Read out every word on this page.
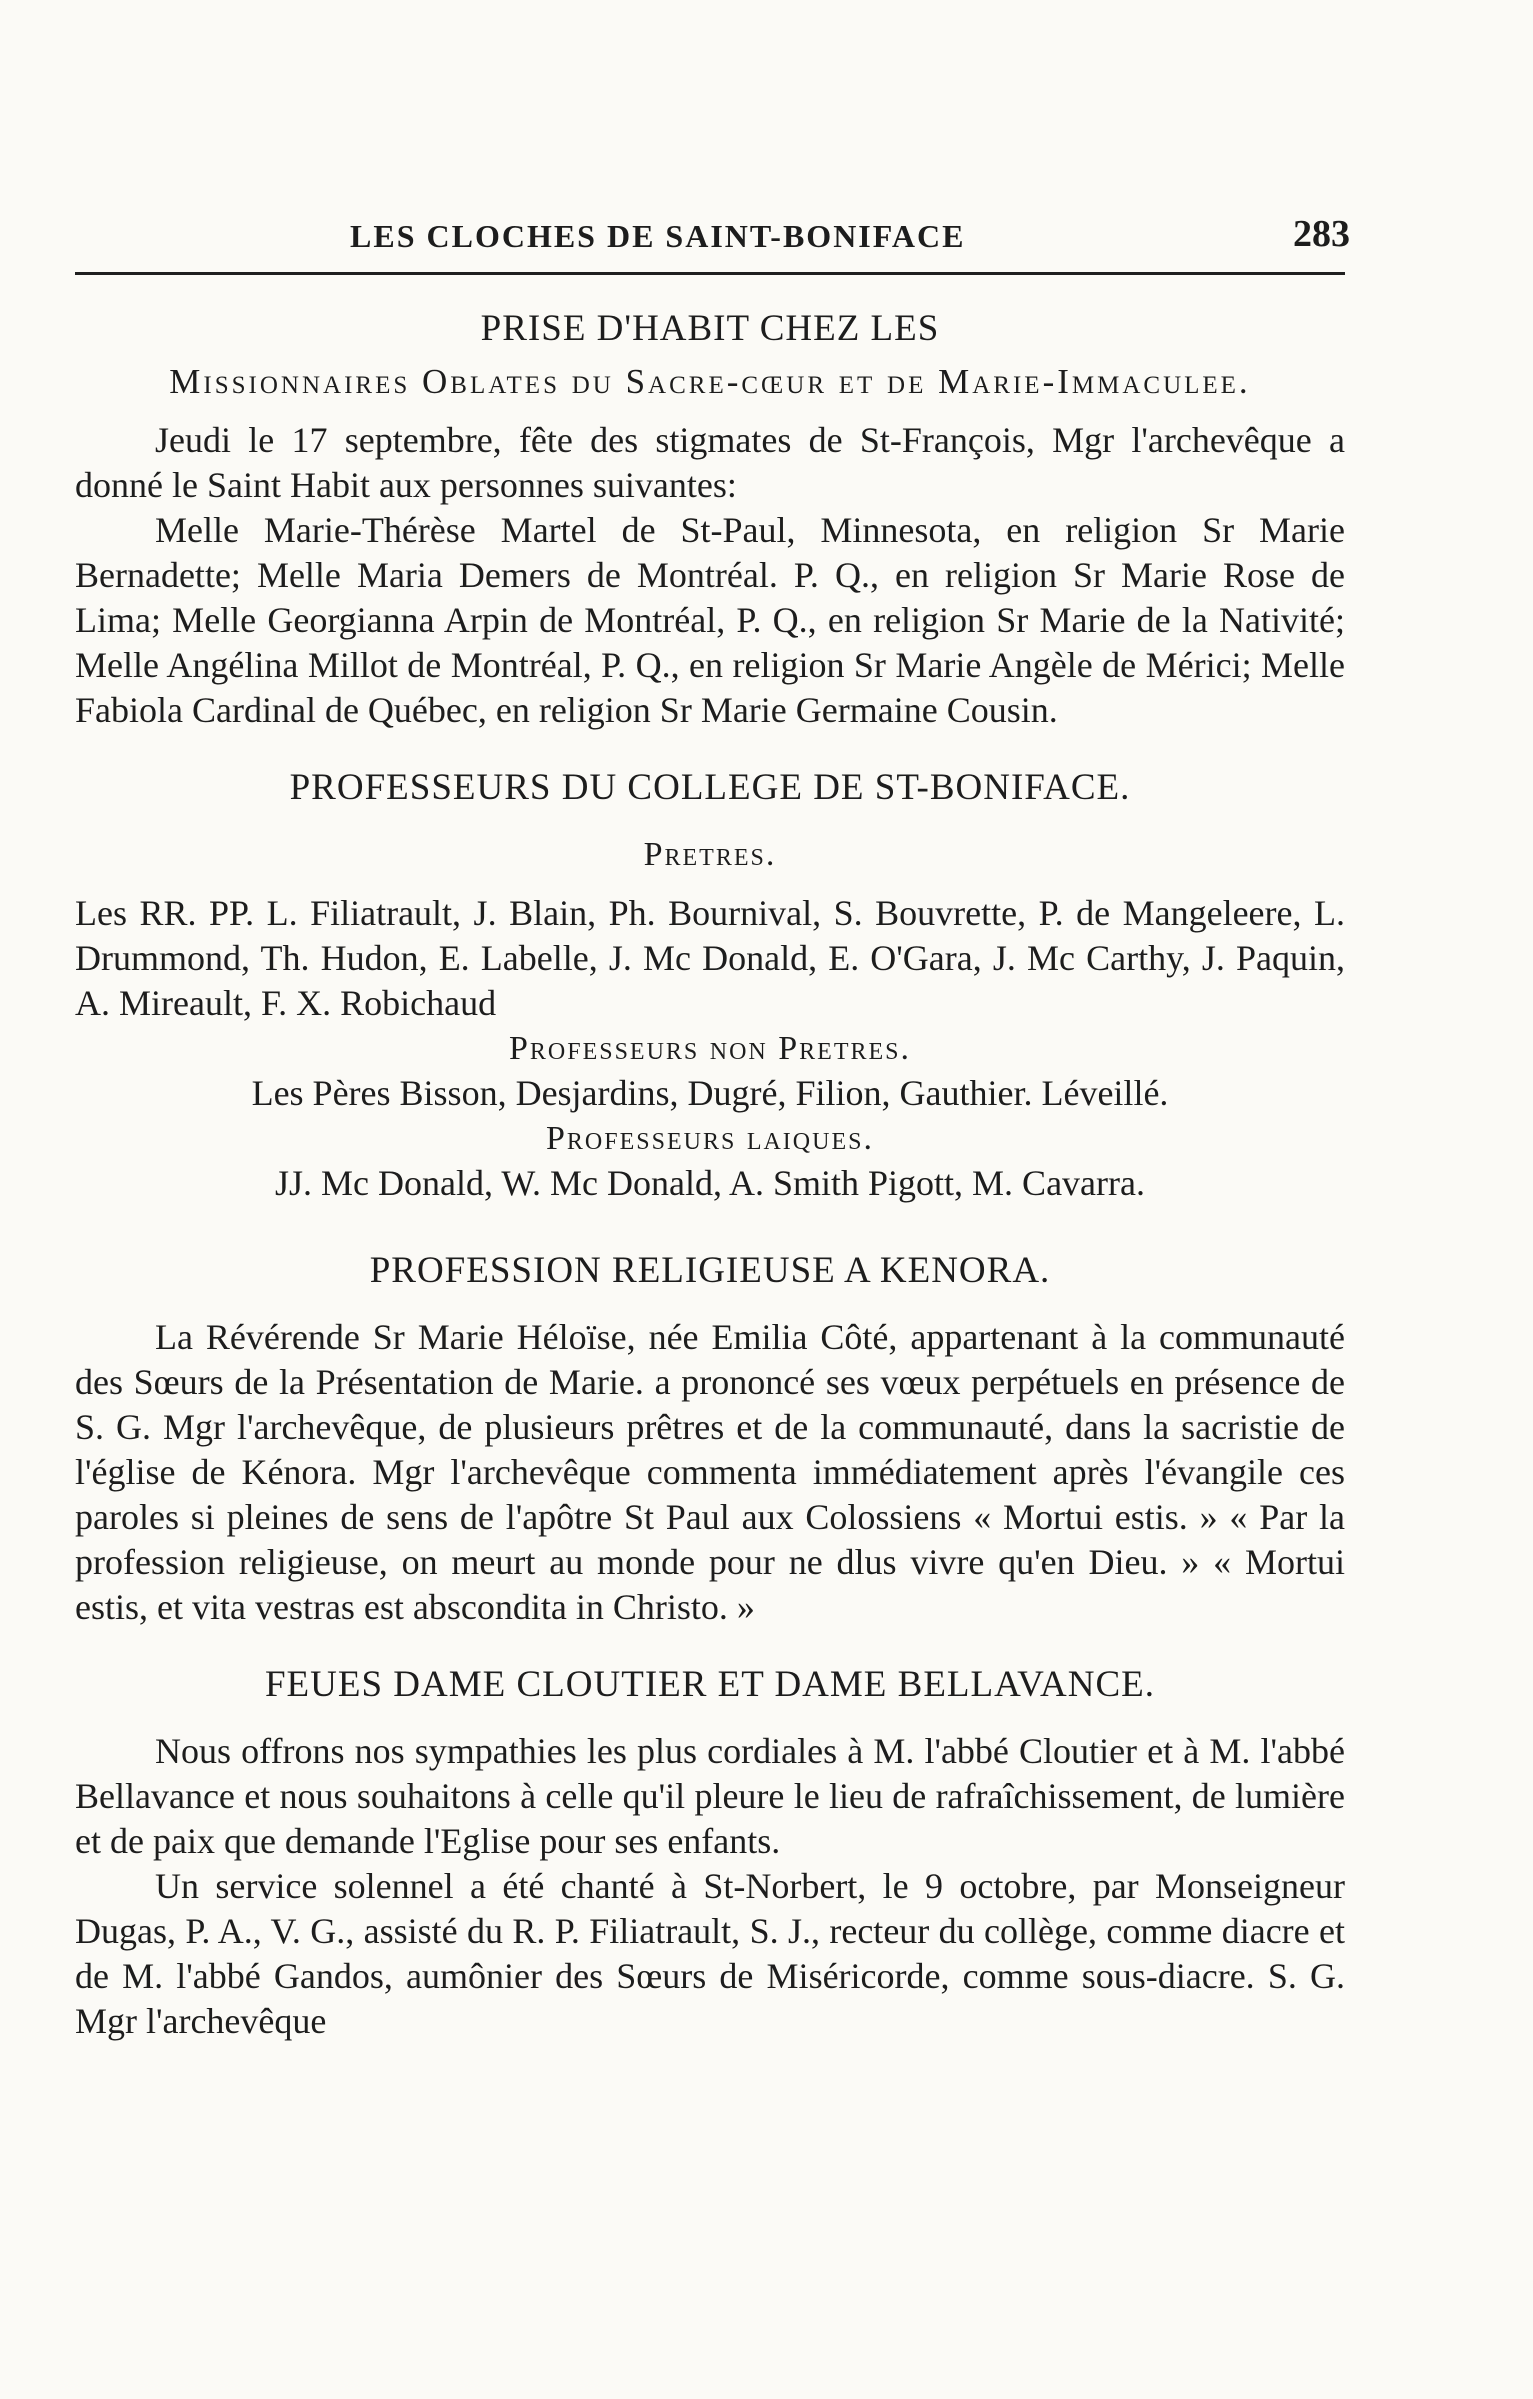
LES CLOCHES DE SAINT-BONIFACE	283
PRISE D'HABIT CHEZ LES
Missionnaires Oblates du Sacre-cœur et de Marie-Immaculee.

Jeudi le 17 septembre, fête des stigmates de St-François, Mgr l'archevêque a donné le Saint Habit aux personnes suivantes:

Melle Marie-Thérèse Martel de St-Paul, Minnesota, en religion Sr Marie Bernadette; Melle Maria Demers de Montréal. P. Q., en religion Sr Marie Rose de Lima; Melle Georgianna Arpin de Montréal, P. Q., en religion Sr Marie de la Nativité; Melle Angélina Millot de Montréal, P. Q., en religion Sr Marie Angèle de Mérici; Melle Fabiola Cardinal de Québec, en religion Sr Marie Germaine Cousin.

PROFESSEURS DU COLLEGE DE ST-BONIFACE.
Pretres.

Les RR. PP. L. Filiatrault, J. Blain, Ph. Bournival, S. Bouvrette, P. de Mangeleere, L. Drummond, Th. Hudon, E. Labelle, J. Mc Donald, E. O'Gara, J. Mc Carthy, J. Paquin, A. Mireault, F. X. Robichaud

Professeurs non Pretres.

Les Pères Bisson, Desjardins, Dugré, Filion, Gauthier. Léveillé.

Professeurs laiques.

JJ. Mc Donald, W. Mc Donald, A. Smith Pigott, M. Cavarra.

PROFESSION RELIGIEUSE A KENORA.

La Révérende Sr Marie Héloïse, née Emilia Côté, appartenant à la communauté des Sœurs de la Présentation de Marie. a prononcé ses vœux perpétuels en présence de S. G. Mgr l'archevêque, de plusieurs prêtres et de la communauté, dans la sacristie de l'église de Kénora. Mgr l'archevêque commenta immédiatement après l'évangile ces paroles si pleines de sens de l'apôtre St Paul aux Colossiens « Mortui estis. » « Par la profession religieuse, on meurt au monde pour ne dlus vivre qu'en Dieu. » « Mortui estis, et vita vestras est abscondita in Christo. »

FEUES DAME CLOUTIER ET DAME BELLAVANCE.

Nous offrons nos sympathies les plus cordiales à M. l'abbé Cloutier et à M. l'abbé Bellavance et nous souhaitons à celle qu'il pleure le lieu de rafraîchissement, de lumière et de paix que demande l'Eglise pour ses enfants.

Un service solennel a été chanté à St-Norbert, le 9 octobre, par Monseigneur Dugas, P. A., V. G., assisté du R. P. Filiatrault, S. J., recteur du collège, comme diacre et de M. l'abbé Gandos, aumônier des Sœurs de Miséricorde, comme sous-diacre. S. G. Mgr l'archevêque
